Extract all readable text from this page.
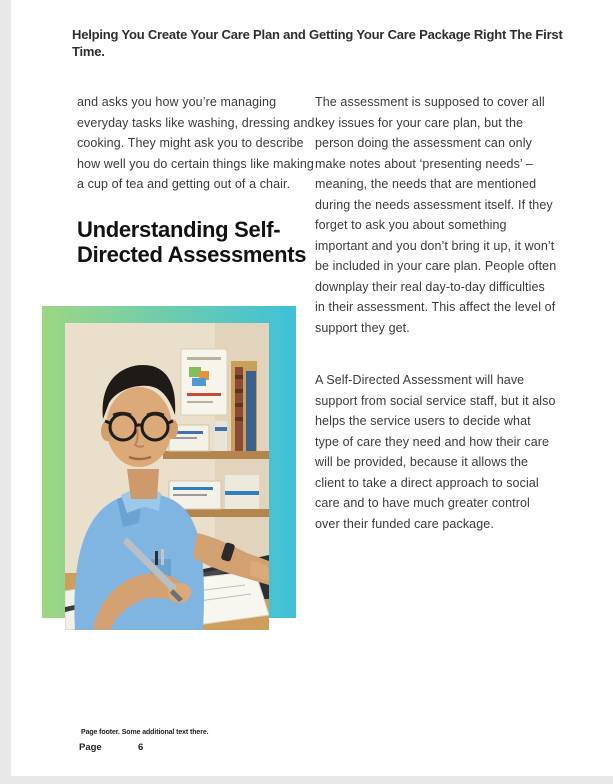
Helping You Create Your Care Plan and Getting Your Care Package Right The First Time.

and asks you how you’re managing everyday tasks like washing, dressing and cooking. They might ask you to describe how well you do certain things like making a cup of tea and getting out of a chair.

Understanding Self-Directed Assessments

The assessment is supposed to cover all key issues for your care plan, but the person doing the assessment can only make notes about ‘presenting needs’ – meaning, the needs that are mentioned during the needs assessment itself. If they forget to ask you about something important and you don’t bring it up, it won’t be included in your care plan. People often downplay their real day-to-day difficulties in their assessment. This affect the level of support they get.

A Self-Directed Assessment will have support from social service staff, but it also helps the service users to decide what type of care they need and how their care will be provided, because it allows the client to take a direct approach to social care and to have much greater control over their funded care package.

Page footer. Some additional text there.
Page	6
